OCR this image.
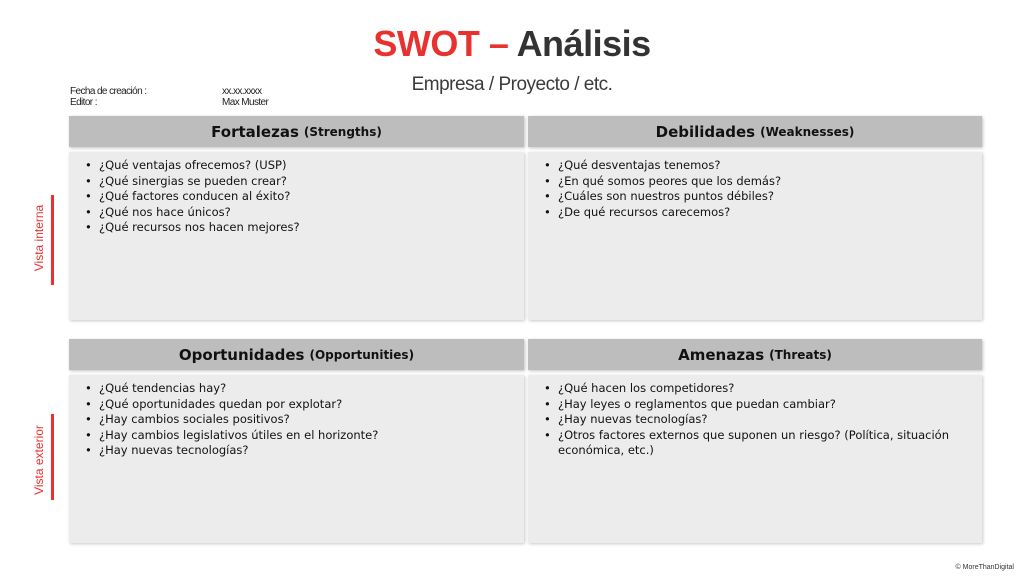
SWOT – Análisis
Empresa / Proyecto / etc.
Fecha de creación :	xx.xx.xxxx
Editor :	Max Muster
Vista interna
Vista exterior
Fortalezas (Strengths)
• ¿Qué ventajas ofrecemos? (USP)
• ¿Qué sinergias se pueden crear?
• ¿Qué factores conducen al éxito?
• ¿Qué nos hace únicos?
• ¿Qué recursos nos hacen mejores?
Debilidades (Weaknesses)
• ¿Qué desventajas tenemos?
• ¿En qué somos peores que los demás?
• ¿Cuáles son nuestros puntos débiles?
• ¿De qué recursos carecemos?
Oportunidades (Opportunities)
• ¿Qué tendencias hay?
• ¿Qué oportunidades quedan por explotar?
• ¿Hay cambios sociales positivos?
• ¿Hay cambios legislativos útiles en el horizonte?
• ¿Hay nuevas tecnologías?
Amenazas (Threats)
• ¿Qué hacen los competidores?
• ¿Hay leyes o reglamentos que puedan cambiar?
• ¿Hay nuevas tecnologías?
• ¿Otros factores externos que suponen un riesgo? (Política, situación económica, etc.)
© MoreThanDigital
